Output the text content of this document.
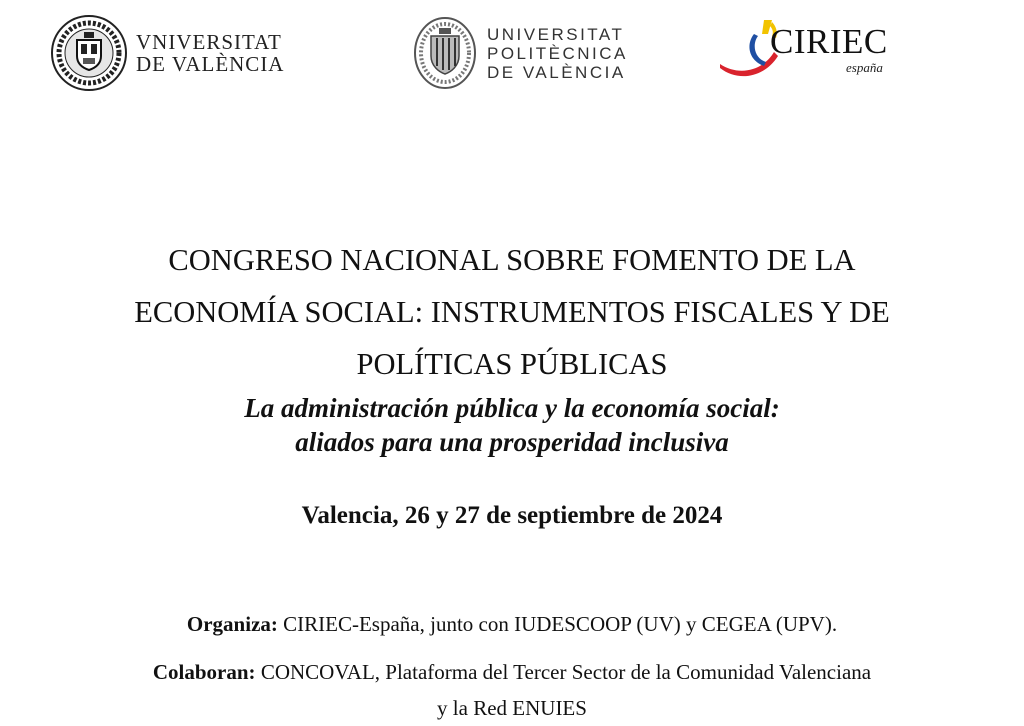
VNIVERSITAT
DE VALÈNCIA
UNIVERSITAT
POLITÈCNICA
DE VALÈNCIA
CIRIEC
españa
CONGRESO NACIONAL SOBRE FOMENTO DE LA
ECONOMÍA SOCIAL: INSTRUMENTOS FISCALES Y DE
POLÍTICAS PÚBLICAS
La administración pública y la economía social:
aliados para una prosperidad inclusiva
Valencia, 26 y 27 de septiembre de 2024
Organiza: CIRIEC-España, junto con IUDESCOOP (UV) y CEGEA (UPV).
Colaboran: CONCOVAL, Plataforma del Tercer Sector de la Comunidad Valenciana
y la Red ENUIES
